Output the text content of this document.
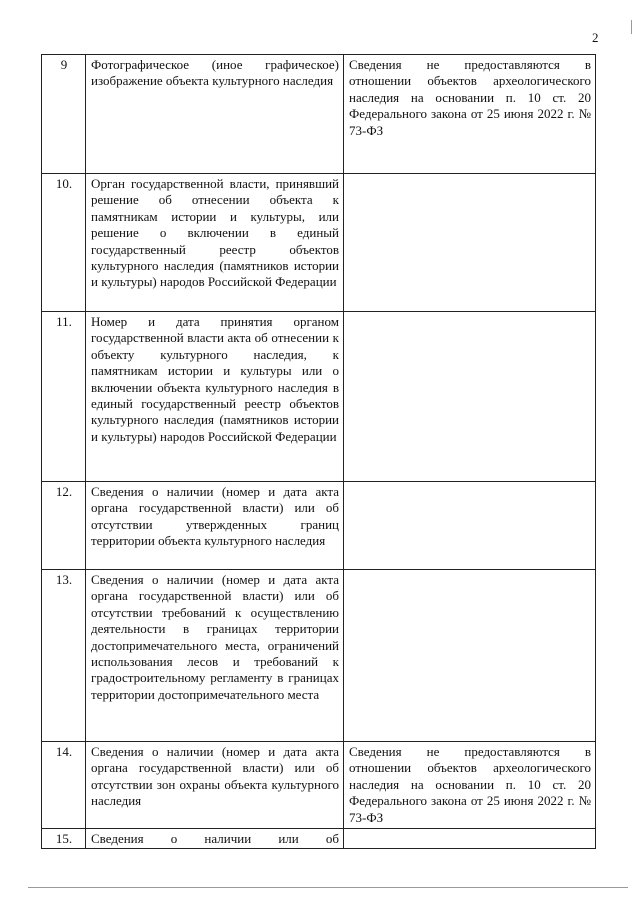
2
9	Фотографическое (иное графическое) изображение объекта культурного наследия	Сведения не предоставляются в отношении объектов археологического наследия на основании п. 10 ст. 20 Федерального закона от 25 июня 2022 г. № 73-ФЗ
10.	Орган государственной власти, принявший решение об отнесении объекта к памятникам истории и культуры, или решение о включении в единый государственный реестр объектов культурного наследия (памятников истории и культуры) народов Российской Федерации	
11.	Номер и дата принятия органом государственной власти акта об отнесении к объекту культурного наследия, к памятникам истории и культуры или о включении объекта культурного наследия в единый государственный реестр объектов культурного наследия (памятников истории и культуры) народов Российской Федерации	
12.	Сведения о наличии (номер и дата акта органа государственной власти) или об отсутствии утвержденных границ территории объекта культурного наследия	
13.	Сведения о наличии (номер и дата акта органа государственной власти) или об отсутствии требований к осуществлению деятельности в границах территории достопримечательного места, ограничений использования лесов и требований к градостроительному регламенту в границах территории достопримечательного места	
14.	Сведения о наличии (номер и дата акта органа государственной власти) или об отсутствии зон охраны объекта культурного наследия	Сведения не предоставляются в отношении объектов археологического наследия на основании п. 10 ст. 20 Федерального закона от 25 июня 2022 г. № 73-ФЗ
15.	Сведения о наличии или об	
